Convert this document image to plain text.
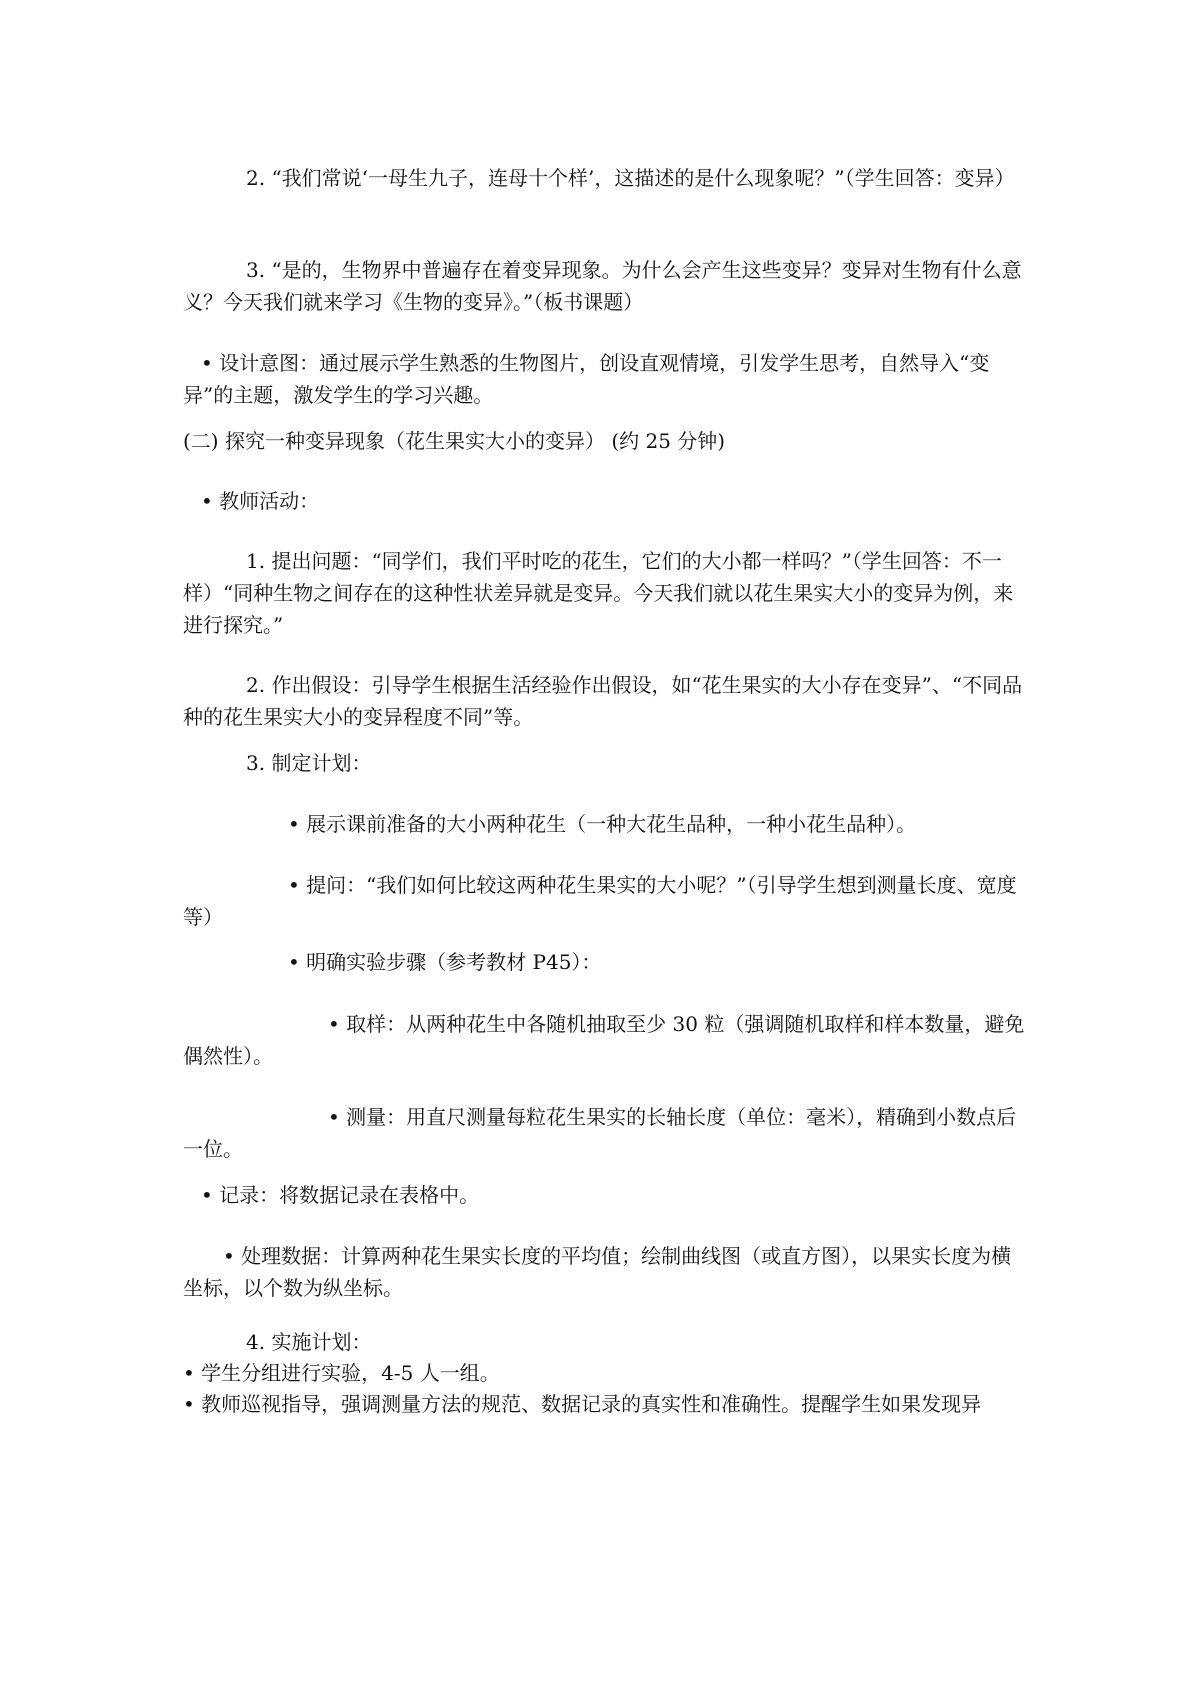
2. “我们常说‘一母生九子，连母十个样’，这描述的是什么现象呢？”（学生回答：变异）

3. “是的，生物界中普遍存在着变异现象。为什么会产生这些变异？变异对生物有什么意义？今天我们就来学习《生物的变异》。”（板书课题）

• 设计意图：通过展示学生熟悉的生物图片，创设直观情境，引发学生思考，自然导入“变异”的主题，激发学生的学习兴趣。

(二) 探究一种变异现象（花生果实大小的变异） (约 25 分钟)

• 教师活动：

1. 提出问题：“同学们，我们平时吃的花生，它们的大小都一样吗？”（学生回答：不一样）“同种生物之间存在的这种性状差异就是变异。今天我们就以花生果实大小的变异为例，来进行探究。”

2. 作出假设：引导学生根据生活经验作出假设，如“花生果实的大小存在变异”、“不同品种的花生果实大小的变异程度不同”等。

3. 制定计划：

• 展示课前准备的大小两种花生（一种大花生品种，一种小花生品种）。

• 提问：“我们如何比较这两种花生果实的大小呢？”（引导学生想到测量长度、宽度等）

• 明确实验步骤（参考教材 P45）：

• 取样：从两种花生中各随机抽取至少 30 粒（强调随机取样和样本数量，避免偶然性）。

• 测量：用直尺测量每粒花生果实的长轴长度（单位：毫米），精确到小数点后一位。

• 记录：将数据记录在表格中。

• 处理数据：计算两种花生果实长度的平均值；绘制曲线图（或直方图），以果实长度为横坐标，以个数为纵坐标。

4. 实施计划：

• 学生分组进行实验，4-5 人一组。

• 教师巡视指导，强调测量方法的规范、数据记录的真实性和准确性。提醒学生如果发现异
